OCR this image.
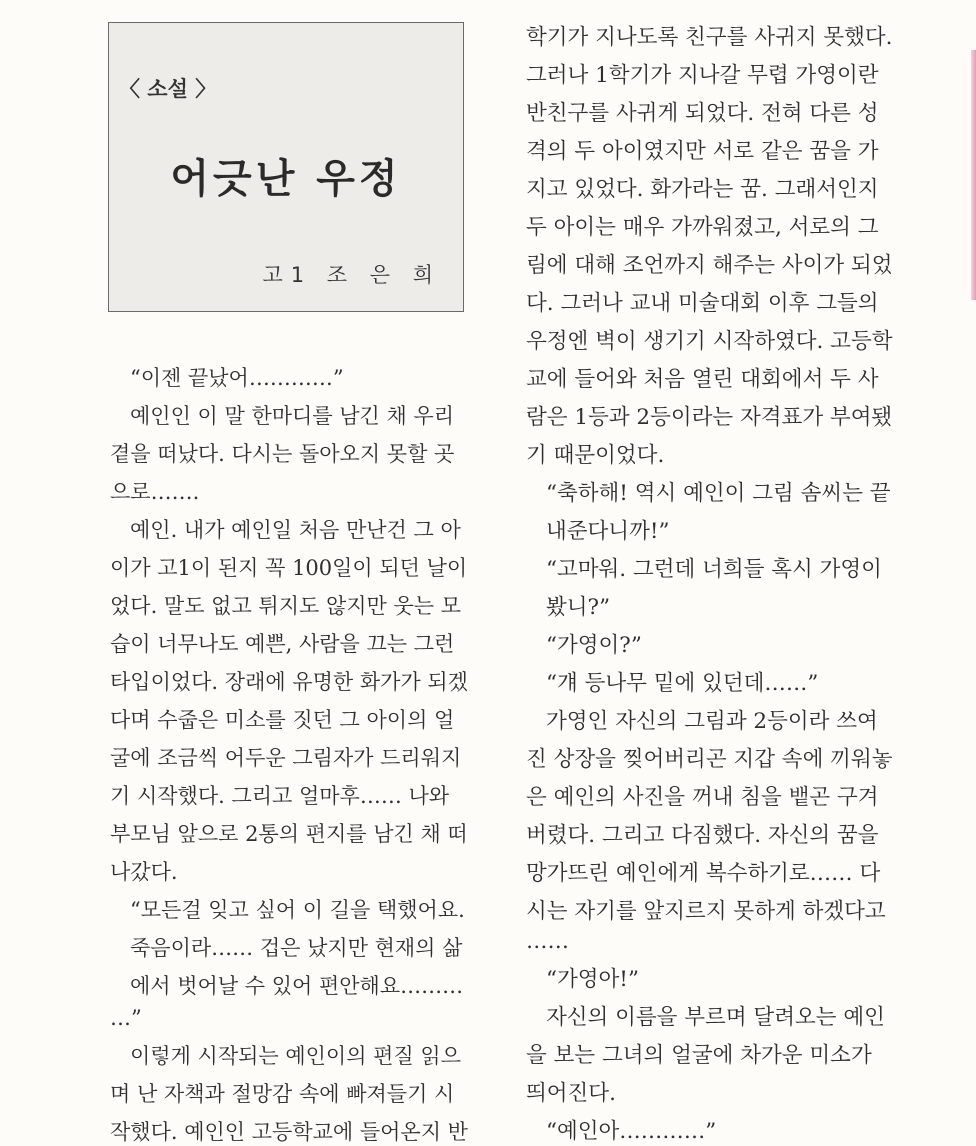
〈 소설 〉
어긋난 우정
고1 조 은 희
“이젠 끝났어…………”
예인인 이 말 한마디를 남긴 채 우리
곁을 떠났다. 다시는 돌아오지 못할 곳
으로…….
예인. 내가 예인일 처음 만난건 그 아
이가 고1이 된지 꼭 100일이 되던 날이
었다. 말도 없고 튀지도 않지만 웃는 모
습이 너무나도 예쁜, 사람을 끄는 그런
타입이었다. 장래에 유명한 화가가 되겠
다며 수줍은 미소를 짓던 그 아이의 얼
굴에 조금씩 어두운 그림자가 드리워지
기 시작했다. 그리고 얼마후…… 나와
부모님 앞으로 2통의 편지를 남긴 채 떠
나갔다.
“모든걸 잊고 싶어 이 길을 택했어요.
죽음이라…… 겁은 났지만 현재의 삶
에서 벗어날 수 있어 편안해요………
…”
이렇게 시작되는 예인이의 편질 읽으
며 난 자책과 절망감 속에 빠져들기 시
작했다. 예인인 고등학교에 들어온지 반
학기가 지나도록 친구를 사귀지 못했다.
그러나 1학기가 지나갈 무렵 가영이란
반친구를 사귀게 되었다. 전혀 다른 성
격의 두 아이였지만 서로 같은 꿈을 가
지고 있었다. 화가라는 꿈. 그래서인지
두 아이는 매우 가까워졌고, 서로의 그
림에 대해 조언까지 해주는 사이가 되었
다. 그러나 교내 미술대회 이후 그들의
우정엔 벽이 생기기 시작하였다. 고등학
교에 들어와 처음 열린 대회에서 두 사
람은 1등과 2등이라는 자격표가 부여됐
기 때문이었다.
“축하해! 역시 예인이 그림 솜씨는 끝
내준다니까!”
“고마워. 그런데 너희들 혹시 가영이
봤니?”
“가영이?”
“걔 등나무 밑에 있던데……”
가영인 자신의 그림과 2등이라 쓰여
진 상장을 찢어버리곤 지갑 속에 끼워놓
은 예인의 사진을 꺼내 침을 뱉곤 구겨
버렸다. 그리고 다짐했다. 자신의 꿈을
망가뜨린 예인에게 복수하기로…… 다
시는 자기를 앞지르지 못하게 하겠다고
……
“가영아!”
자신의 이름을 부르며 달려오는 예인
을 보는 그녀의 얼굴에 차가운 미소가
띄어진다.
“예인아…………”
